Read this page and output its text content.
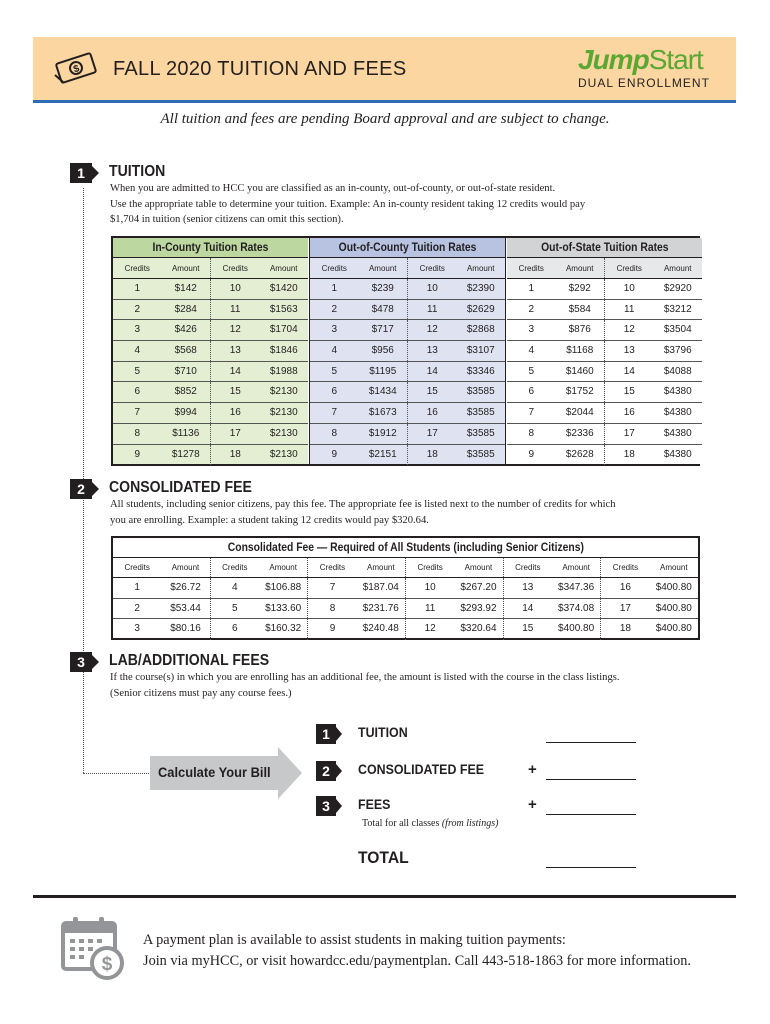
$ FALL 2020 TUITION AND FEES	JumpStart
DUAL ENROLLMENT
All tuition and fees are pending Board approval and are subject to change.
1	TUITION
When you are admitted to HCC you are classified as an in-county, out-of-county, or out-of-state resident.
Use the appropriate table to determine your tuition. Example: An in-county resident taking 12 credits would pay
$1,704 in tuition (senior citizens can omit this section).
In-County Tuition Rates
Credits	Amount	Credits	Amount
1	$142	10	$1420
2	$284	11	$1563
3	$426	12	$1704
4	$568	13	$1846
5	$710	14	$1988
6	$852	15	$2130
7	$994	16	$2130
8	$1136	17	$2130
9	$1278	18	$2130
Out-of-County Tuition Rates
Credits	Amount	Credits	Amount
1	$239	10	$2390
2	$478	11	$2629
3	$717	12	$2868
4	$956	13	$3107
5	$1195	14	$3346
6	$1434	15	$3585
7	$1673	16	$3585
8	$1912	17	$3585
9	$2151	18	$3585
Out-of-State Tuition Rates
Credits	Amount	Credits	Amount
1	$292	10	$2920
2	$584	11	$3212
3	$876	12	$3504
4	$1168	13	$3796
5	$1460	14	$4088
6	$1752	15	$4380
7	$2044	16	$4380
8	$2336	17	$4380
9	$2628	18	$4380
2	CONSOLIDATED FEE
All students, including senior citizens, pay this fee. The appropriate fee is listed next to the number of credits for which
you are enrolling. Example: a student taking 12 credits would pay $320.64.
Consolidated Fee — Required of All Students (including Senior Citizens)
Credits	Amount	Credits	Amount	Credits	Amount	Credits	Amount	Credits	Amount	Credits	Amount
1	$26.72	4	$106.88	7	$187.04	10	$267.20	13	$347.36	16	$400.80
2	$53.44	5	$133.60	8	$231.76	11	$293.92	14	$374.08	17	$400.80
3	$80.16	6	$160.32	9	$240.48	12	$320.64	15	$400.80	18	$400.80
3	LAB/ADDITIONAL FEES
If the course(s) in which you are enrolling has an additional fee, the amount is listed with the course in the class listings.
(Senior citizens must pay any course fees.)
Calculate Your Bill
1	TUITION
2	CONSOLIDATED FEE	+
3	FEES	+
Total for all classes (from listings)
TOTAL
$
A payment plan is available to assist students in making tuition payments:
Join via myHCC, or visit howardcc.edu/paymentplan. Call 443-518-1863 for more information.
